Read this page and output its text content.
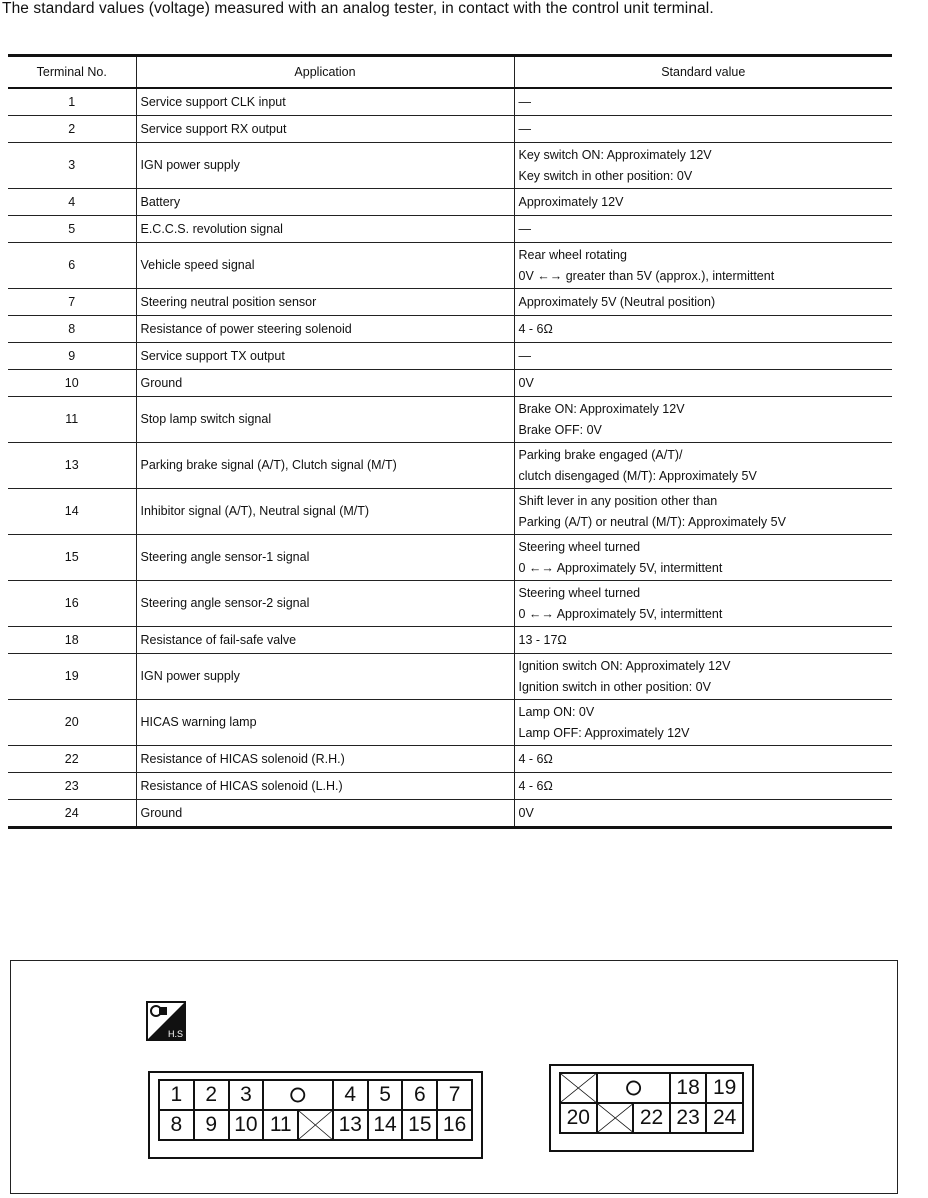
The standard values (voltage) measured with an analog tester, in contact with the control unit terminal.
Terminal No.	Application	Standard value
1	Service support CLK input	—

2	Service support RX output	—

3	IGN power supply	Key switch ON: Approximately 12V
Key switch in other position: 0V

4	Battery	Approximately 12V

5	E.C.C.S. revolution signal	—

6	Vehicle speed signal	Rear wheel rotating
0V ←→ greater than 5V (approx.), intermittent

7	Steering neutral position sensor	Approximately 5V (Neutral position)

8	Resistance of power steering solenoid	4 - 6Ω

9	Service support TX output	—

10	Ground	0V

11	Stop lamp switch signal	Brake ON: Approximately 12V
Brake OFF: 0V

13	Parking brake signal (A/T), Clutch signal (M/T)	Parking brake engaged (A/T)/
clutch disengaged (M/T): Approximately 5V

14	Inhibitor signal (A/T), Neutral signal (M/T)	Shift lever in any position other than
Parking (A/T) or neutral (M/T): Approximately 5V

15	Steering angle sensor-1 signal	Steering wheel turned
0 ←→ Approximately 5V, intermittent

16	Steering angle sensor-2 signal	Steering wheel turned
0 ←→ Approximately 5V, intermittent

18	Resistance of fail-safe valve	13 - 17Ω

19	IGN power supply	Ignition switch ON: Approximately 12V
Ignition switch in other position: 0V

20	HICAS warning lamp	Lamp ON: 0V
Lamp OFF: Approximately 12V

22	Resistance of HICAS solenoid (R.H.)	4 - 6Ω

23	Resistance of HICAS solenoid (L.H.)	4 - 6Ω

24	Ground	0V
H.S
1	2	3	4	5	6	7
8	9 10 11	13 14 15 16
18 19
20	22 23 24
